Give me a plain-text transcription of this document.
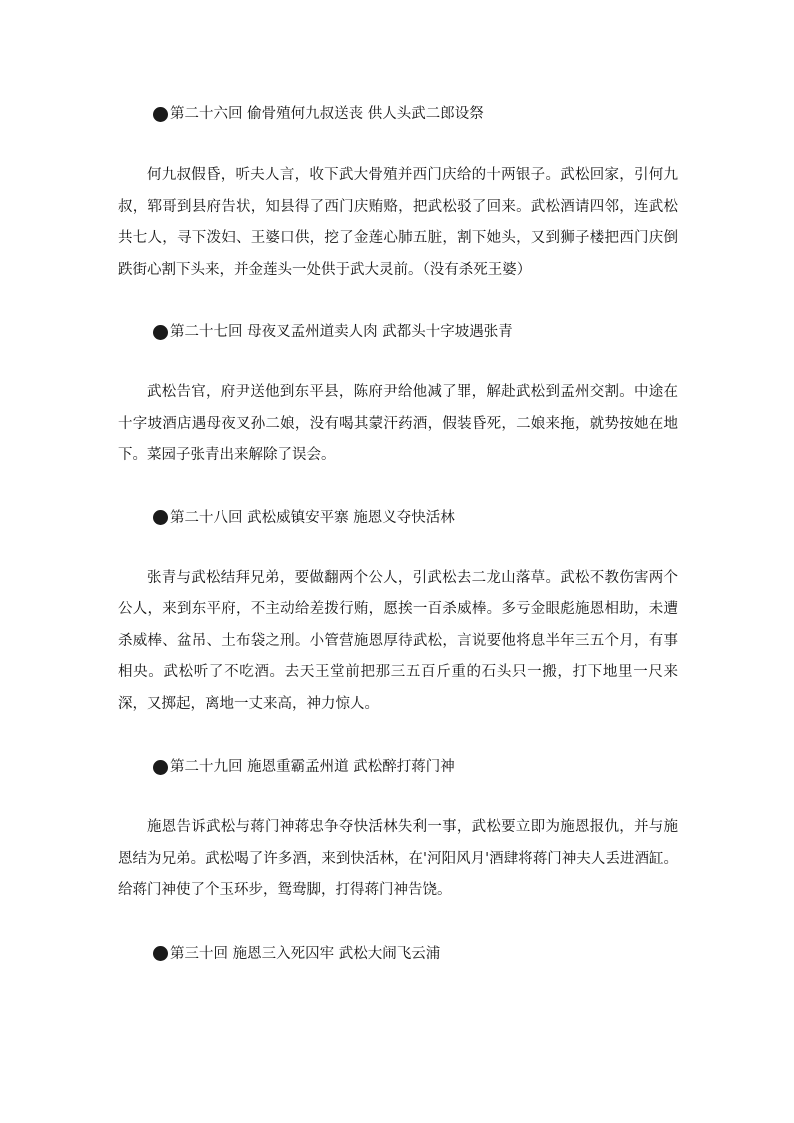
第二十六回 偷骨殖何九叔送丧 供人头武二郎设祭

何九叔假昏，听夫人言，收下武大骨殖并西门庆给的十两银子。武松回家，引何九叔，郓哥到县府告状，知县得了西门庆贿赂，把武松驳了回来。武松酒请四邻，连武松共七人，寻下泼妇、王婆口供，挖了金莲心肺五脏，割下她头，又到狮子楼把西门庆倒跌街心割下头来，并金莲头一处供于武大灵前。（没有杀死王婆）

第二十七回 母夜叉孟州道卖人肉 武都头十字坡遇张青

武松告官，府尹送他到东平县，陈府尹给他减了罪，解赴武松到孟州交割。中途在十字坡酒店遇母夜叉孙二娘，没有喝其蒙汗药酒，假装昏死，二娘来拖，就势按她在地下。菜园子张青出来解除了误会。

第二十八回 武松威镇安平寨 施恩义夺快活林

张青与武松结拜兄弟，要做翻两个公人，引武松去二龙山落草。武松不教伤害两个公人，来到东平府，不主动给差拨行贿，愿挨一百杀威棒。多亏金眼彪施恩相助，未遭杀威棒、盆吊、土布袋之刑。小管营施恩厚待武松，言说要他将息半年三五个月，有事相央。武松听了不吃酒。去天王堂前把那三五百斤重的石头只一搬，打下地里一尺来深，又掷起，离地一丈来高，神力惊人。

第二十九回 施恩重霸孟州道 武松醉打蒋门神

施恩告诉武松与蒋门神蒋忠争夺快活林失利一事，武松要立即为施恩报仇，并与施恩结为兄弟。武松喝了许多酒，来到快活林，在'河阳风月'酒肆将蒋门神夫人丢进酒缸。给蒋门神使了个玉环步，鸳鸯脚，打得蒋门神告饶。

第三十回 施恩三入死囚牢 武松大闹飞云浦
